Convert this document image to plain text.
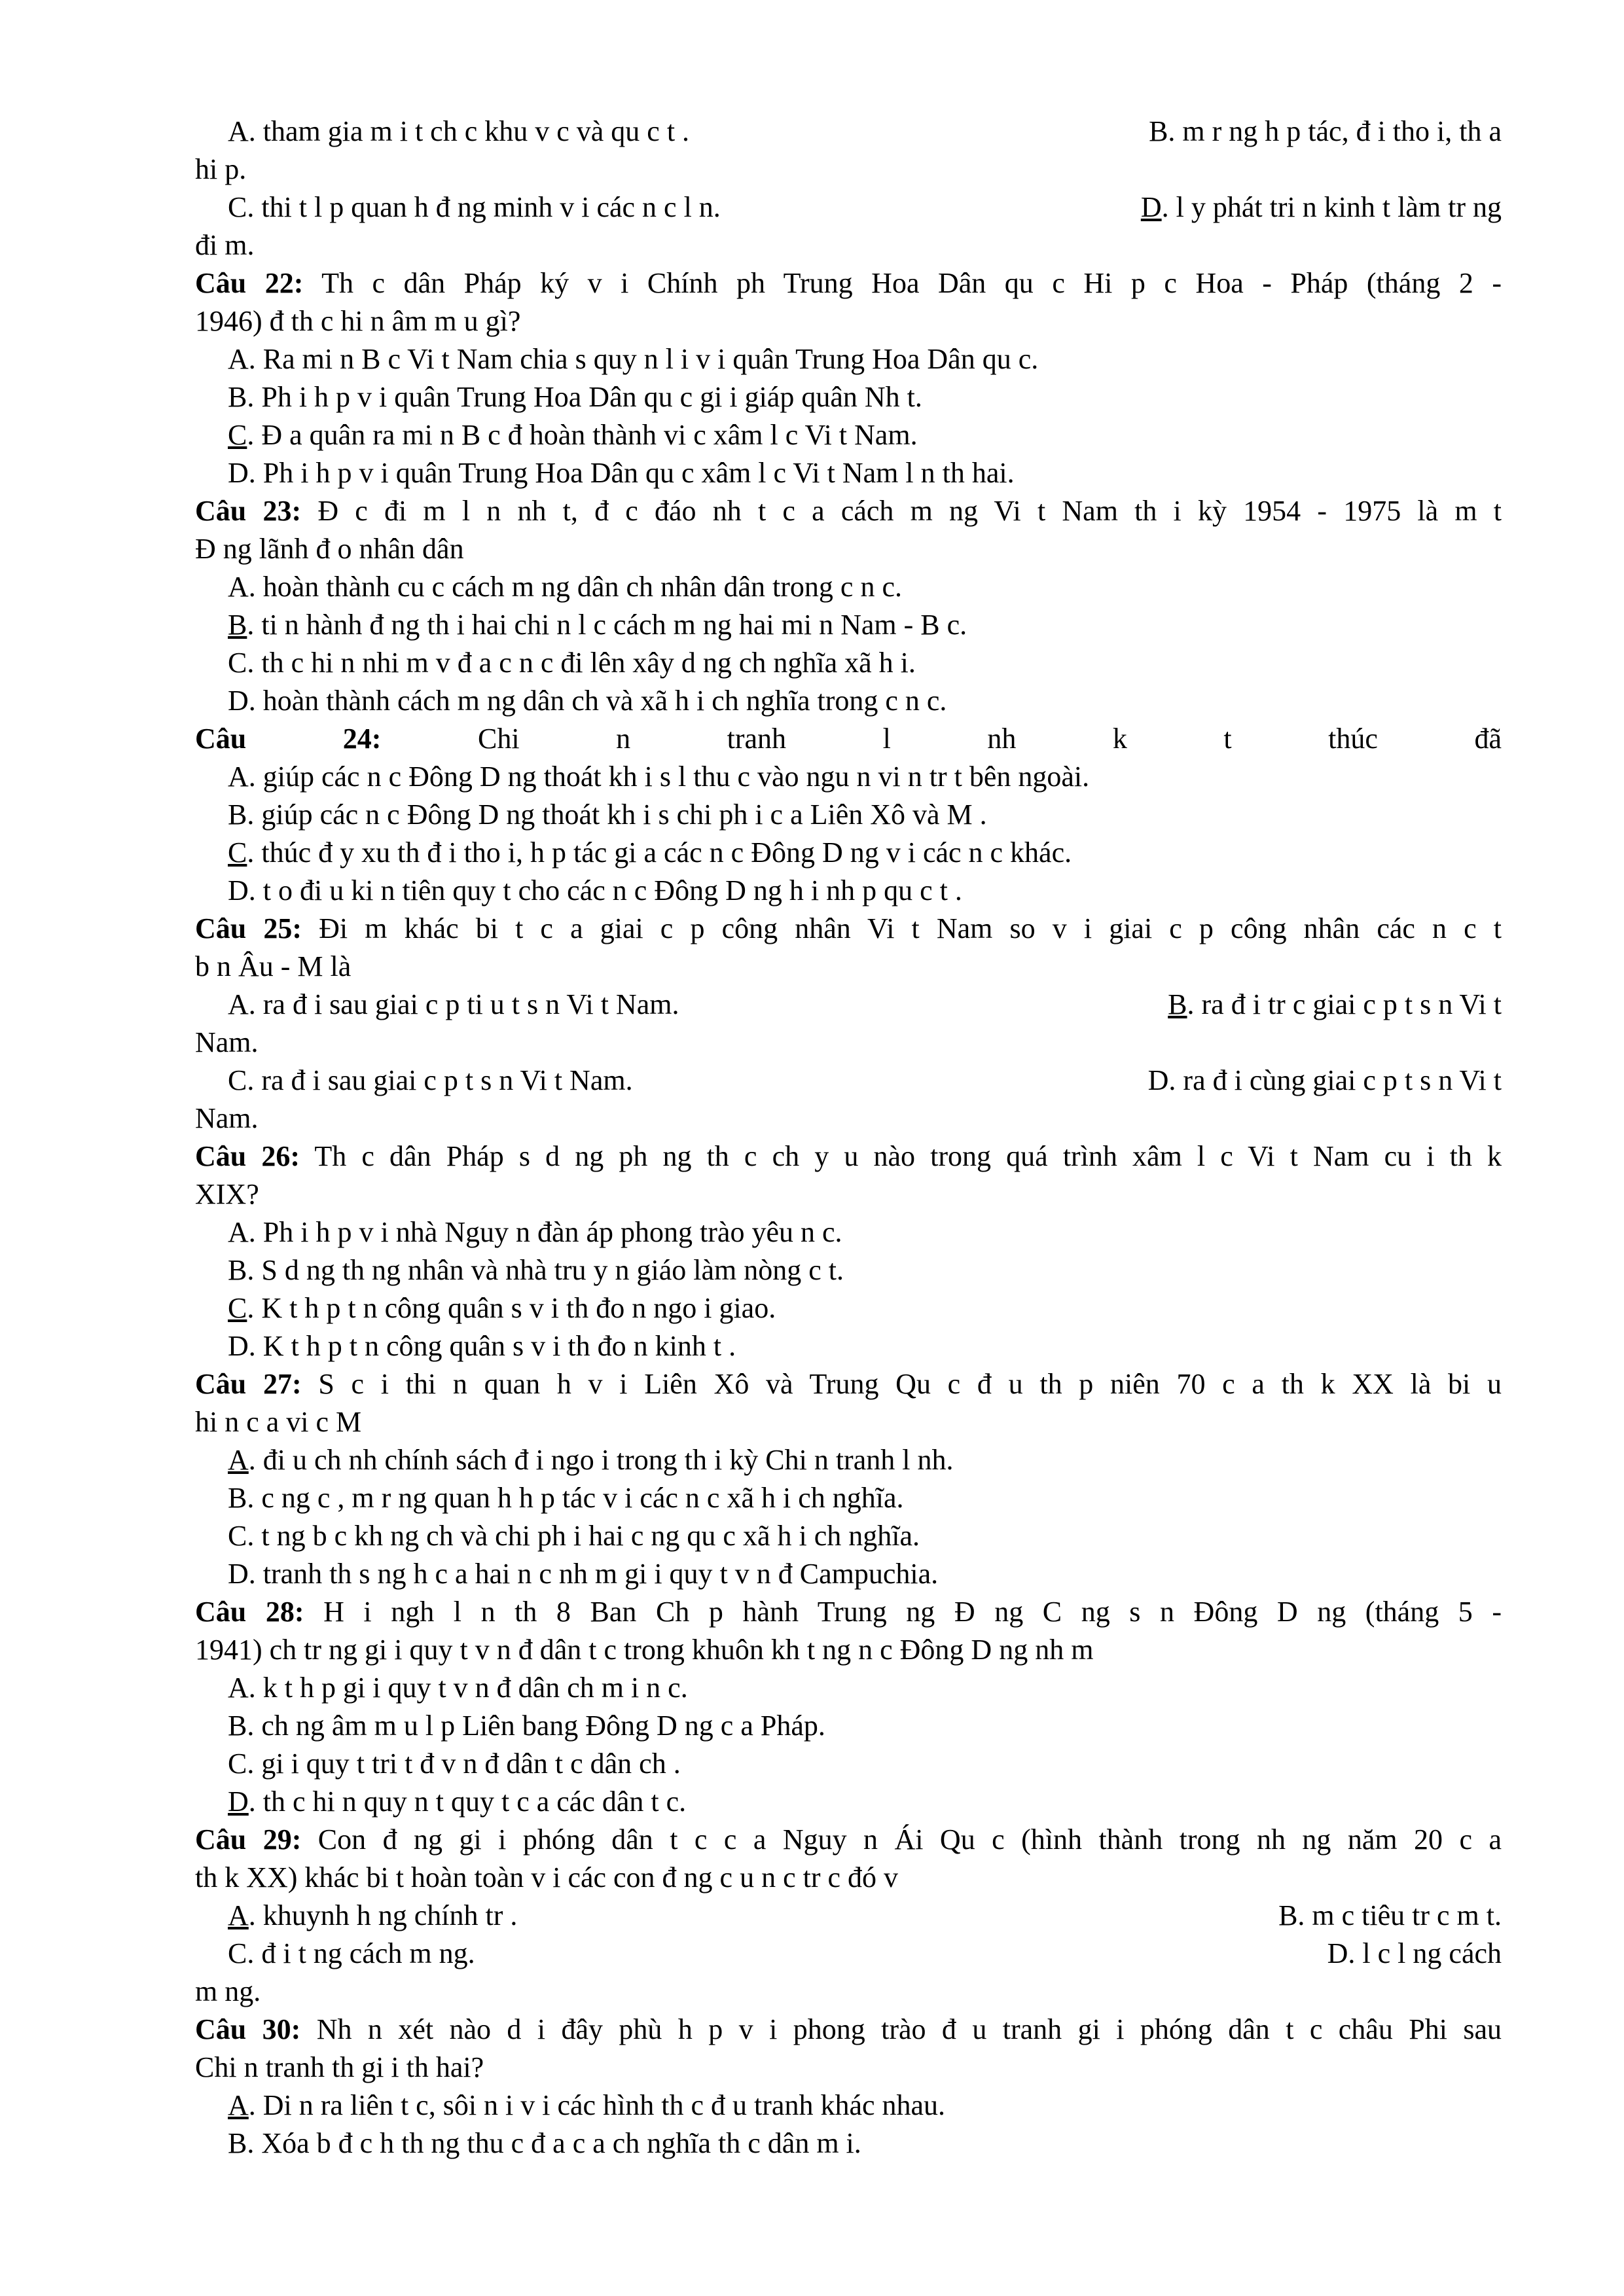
A. tham gia m i t ch c khu v c và qu c t .	B. m r ng h p tác, đ i tho i, th a
hi p.
C. thi t l p quan h đ ng minh v i các n c l n.	D. l y phát tri n kinh t làm tr ng
đi m.
Câu 22: Th c dân Pháp ký v i Chính ph Trung Hoa Dân qu c Hi p c Hoa - Pháp (tháng 2 -
1946) đ th c hi n âm m u gì?
A. Ra mi n B c Vi t Nam chia s quy n l i v i quân Trung Hoa Dân qu c.
B. Ph i h p v i quân Trung Hoa Dân qu c gi i giáp quân Nh t.
C. Đ a quân ra mi n B c đ hoàn thành vi c xâm l c Vi t Nam.
D. Ph i h p v i quân Trung Hoa Dân qu c xâm l c Vi t Nam l n th hai.
Câu 23: Đ c đi m l n nh t, đ c đáo nh t c a cách m ng Vi t Nam th i kỳ 1954 - 1975 là m t
Đ ng lãnh đ o nhân dân
A. hoàn thành cu c cách m ng dân ch nhân dân trong c n c.
B. ti n hành đ ng th i hai chi n l c cách m ng hai mi n Nam - B c.
C. th c hi n nhi m v đ a c n c đi lên xây d ng ch nghĩa xã h i.
D. hoàn thành cách m ng dân ch và xã h i ch nghĩa trong c n c.
Câu 24:	Chi n tranh l nh k t thúc đã
A. giúp các n c Đông D ng thoát kh i s l thu c vào ngu n vi n tr t bên ngoài.
B. giúp các n c Đông D ng thoát kh i s chi ph i c a Liên Xô và M .
C. thúc đ y xu th đ i tho i, h p tác gi a các n c Đông D ng v i các n c khác.
D. t o đi u ki n tiên quy t cho các n c Đông D ng h i nh p qu c t .
Câu 25: Đi m khác bi t c a giai c p công nhân Vi t Nam so v i giai c p công nhân các n c t
b n Âu - M là
A. ra đ i sau giai c p ti u t s n Vi t Nam.	B. ra đ i tr c giai c p t s n Vi t
Nam.
C. ra đ i sau giai c p t s n Vi t Nam.	D. ra đ i cùng giai c p t s n Vi t
Nam.
Câu 26: Th c dân Pháp s d ng ph ng th c ch y u nào trong quá trình xâm l c Vi t Nam cu i th k
XIX?
A. Ph i h p v i nhà Nguy n đàn áp phong trào yêu n c.
B. S d ng th ng nhân và nhà tru y n giáo làm nòng c t.
C. K t h p t n công quân s v i th đo n ngo i giao.
D. K t h p t n công quân s v i th đo n kinh t .
Câu 27: S c i thi n quan h v i Liên Xô và Trung Qu c đ u th p niên 70 c a th k XX là bi u
hi n c a vi c M
A. đi u ch nh chính sách đ i ngo i trong th i kỳ Chi n tranh l nh.
B. c ng c , m r ng quan h h p tác v i các n c xã h i ch nghĩa.
C. t ng b c kh ng ch và chi ph i hai c ng qu c xã h i ch nghĩa.
D. tranh th s ng h c a hai n c nh m gi i quy t v n đ Campuchia.
Câu 28: H i ngh l n th 8 Ban Ch p hành Trung ng Đ ng C ng s n Đông D ng (tháng 5 -
1941) ch tr ng gi i quy t v n đ dân t c trong khuôn kh t ng n c Đông D ng nh m
A. k t h p gi i quy t v n đ dân ch m i n c.
B. ch ng âm m u l p Liên bang Đông D ng c a Pháp.
C. gi i quy t tri t đ v n đ dân t c dân ch .
D. th c hi n quy n t quy t c a các dân t c.
Câu 29: Con đ ng gi i phóng dân t c c a Nguy n Ái Qu c (hình thành trong nh ng năm 20 c a
th k XX) khác bi t hoàn toàn v i các con đ ng c u n c tr c đó v
A. khuynh h ng chính tr .	B. m c tiêu tr c m t.
C. đ i t ng cách m ng.	D. l c l ng cách
m ng.
Câu 30: Nh n xét nào d i đây phù h p v i phong trào đ u tranh gi i phóng dân t c châu Phi sau
Chi n tranh th gi i th hai?
A. Di n ra liên t c, sôi n i v i các hình th c đ u tranh khác nhau.
B. Xóa b đ c h th ng thu c đ a c a ch nghĩa th c dân m i.
